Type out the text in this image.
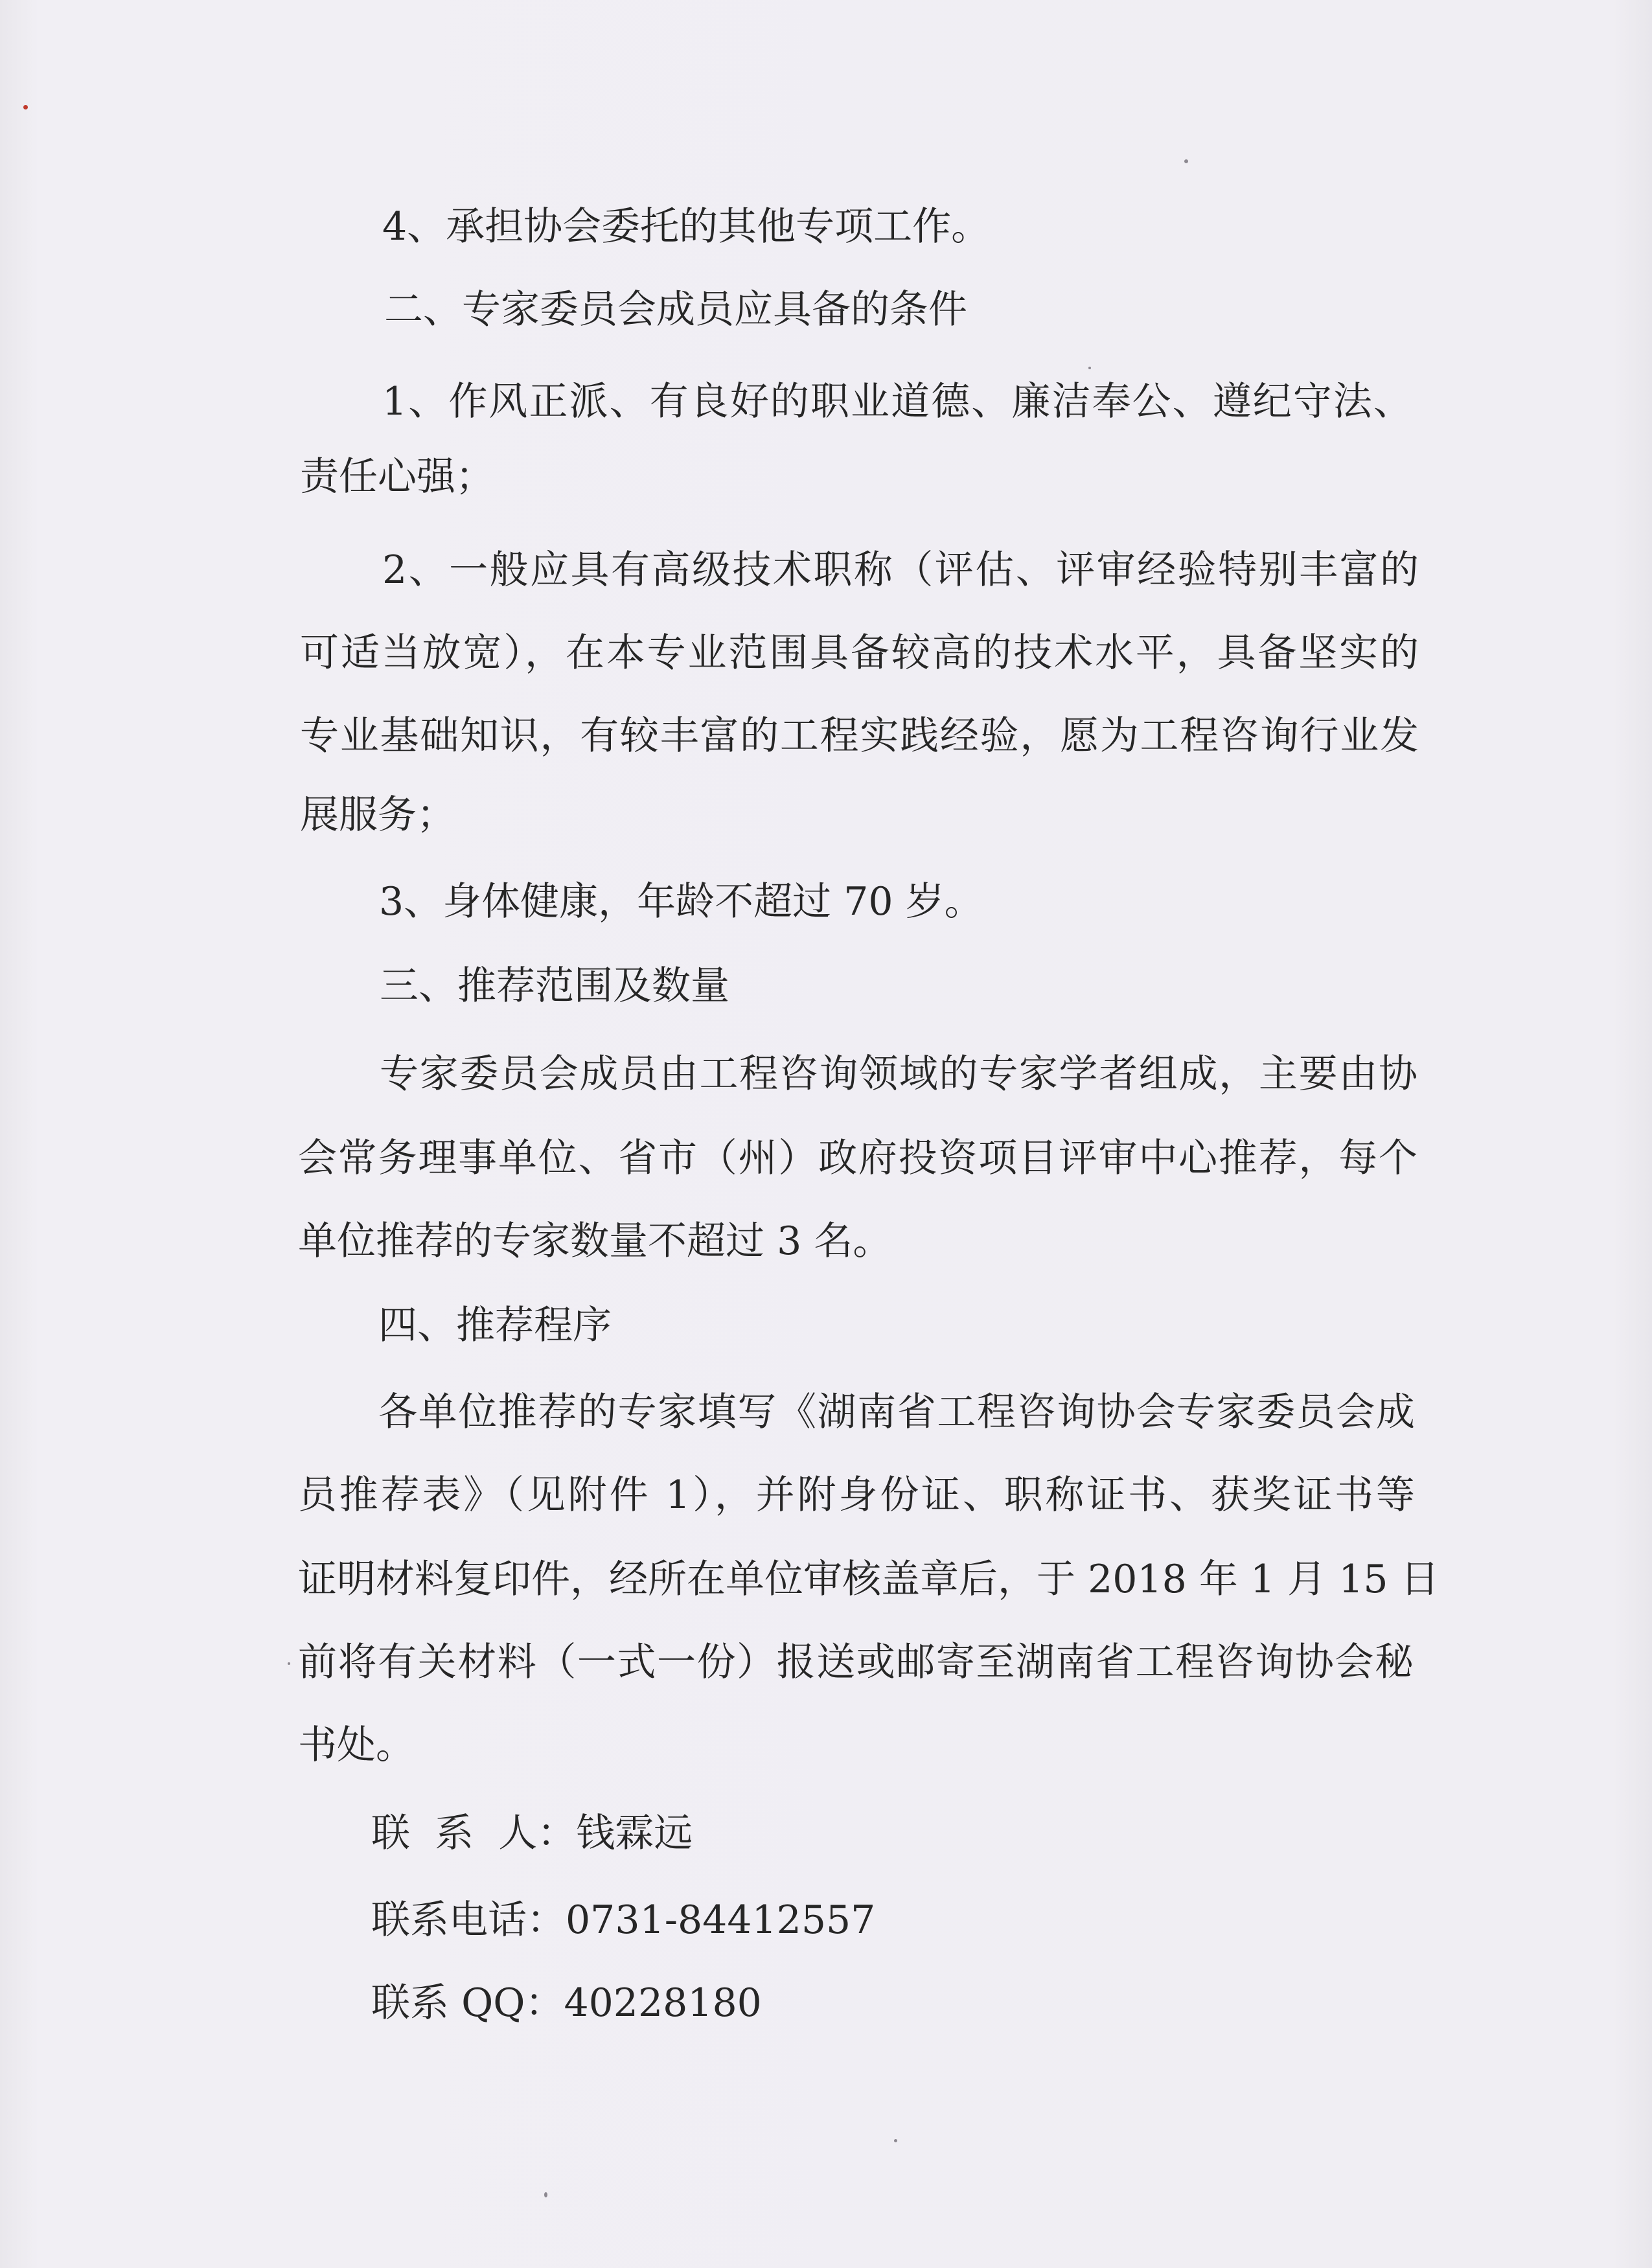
4、承担协会委托的其他专项工作。
二、专家委员会成员应具备的条件
1、作风正派、有良好的职业道德、廉洁奉公、遵纪守法、
责任心强；
2、一般应具有高级技术职称（评估、评审经验特别丰富的
可适当放宽），在本专业范围具备较高的技术水平，具备坚实的
专业基础知识，有较丰富的工程实践经验，愿为工程咨询行业发
展服务；
3、身体健康，年龄不超过 70 岁。
三、推荐范围及数量
专家委员会成员由工程咨询领域的专家学者组成，主要由协
会常务理事单位、省市（州）政府投资项目评审中心推荐，每个
单位推荐的专家数量不超过 3 名。
四、推荐程序
各单位推荐的专家填写《湖南省工程咨询协会专家委员会成
员推荐表》（见附件 1），并附身份证、职称证书、获奖证书等
证明材料复印件，经所在单位审核盖章后，于 2018 年 1 月 15 日
前将有关材料（一式一份）报送或邮寄至湖南省工程咨询协会秘
书处。
联  系  人：钱霖远
联系电话：0731-84412557
联系 QQ：40228180
